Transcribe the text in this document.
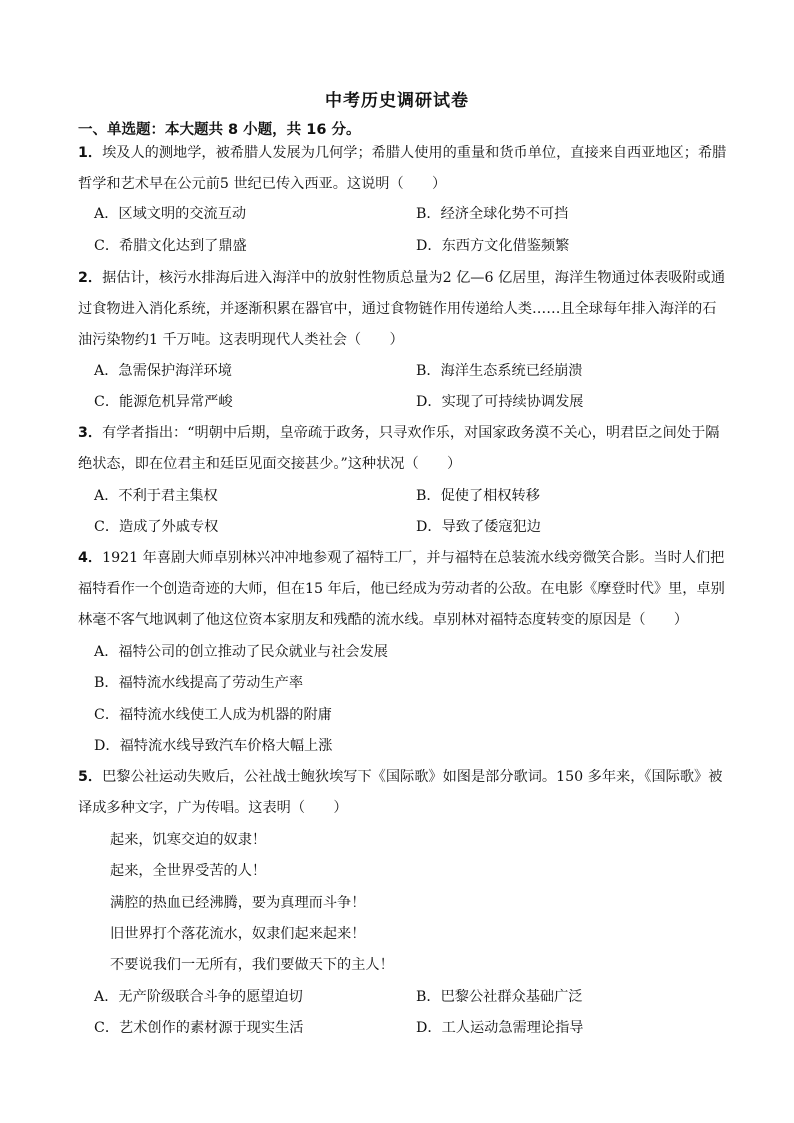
中考历史调研试卷
一、单选题：本大题共 8 小题，共 16 分。
1．埃及人的测地学，被希腊人发展为几何学；希腊人使用的重量和货币单位，直接来自西亚地区；希腊哲学和艺术早在公元前5 世纪已传入西亚。这说明（　　）
A．区域文明的交流互动	B．经济全球化势不可挡
C．希腊文化达到了鼎盛	D．东西方文化借鉴频繁
2．据估计，核污水排海后进入海洋中的放射性物质总量为2 亿—6 亿居里，海洋生物通过体表吸附或通过食物进入消化系统，并逐渐积累在器官中，通过食物链作用传递给人类……且全球每年排入海洋的石油污染物约1 千万吨。这表明现代人类社会（　　）
A．急需保护海洋环境	B．海洋生态系统已经崩溃
C．能源危机异常严峻	D．实现了可持续协调发展
3．有学者指出：“明朝中后期，皇帝疏于政务，只寻欢作乐，对国家政务漠不关心，明君臣之间处于隔绝状态，即在位君主和廷臣见面交接甚少。”这种状况（　　）
A．不利于君主集权	B．促使了相权转移
C．造成了外戚专权	D．导致了倭寇犯边
4．1921 年喜剧大师卓别林兴冲冲地参观了福特工厂，并与福特在总装流水线旁微笑合影。当时人们把福特看作一个创造奇迹的大师，但在15 年后，他已经成为劳动者的公敌。在电影《摩登时代》里，卓别林毫不客气地讽刺了他这位资本家朋友和残酷的流水线。卓别林对福特态度转变的原因是（　　）
A．福特公司的创立推动了民众就业与社会发展
B．福特流水线提高了劳动生产率
C．福特流水线使工人成为机器的附庸
D．福特流水线导致汽车价格大幅上涨
5．巴黎公社运动失败后，公社战士鲍狄埃写下《国际歌》如图是部分歌词。150 多年来，《国际歌》被译成多种文字，广为传唱。这表明（　　）
起来，饥寒交迫的奴隶！
起来，全世界受苦的人！
满腔的热血已经沸腾，要为真理而斗争！
旧世界打个落花流水，奴隶们起来起来！
不要说我们一无所有，我们要做天下的主人！
A．无产阶级联合斗争的愿望迫切	B．巴黎公社群众基础广泛
C．艺术创作的素材源于现实生活	D．工人运动急需理论指导
